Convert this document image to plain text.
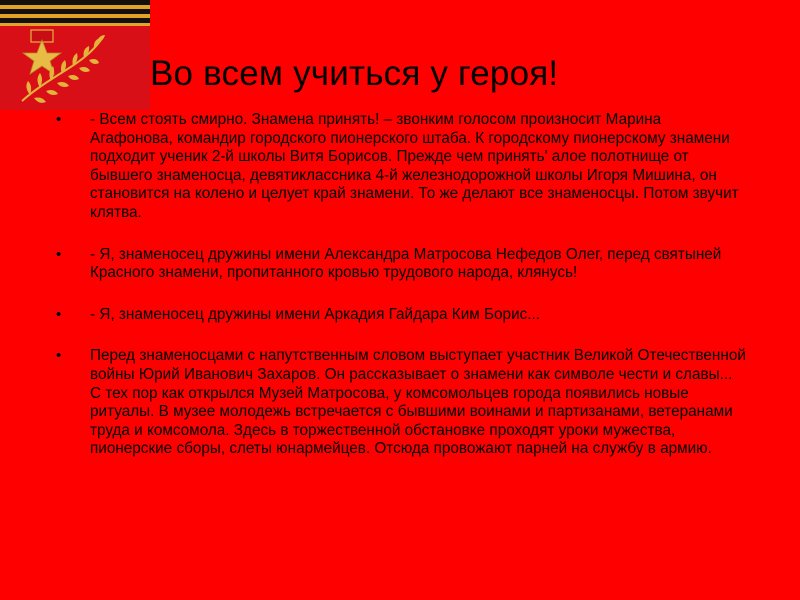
Во всем учиться у героя!
• - Всем стоять смирно. Знамена принять! – звонким голосом произносит Марина Агафонова, командир городского пионерского штаба. К городскому пионерскому знамени подходит ученик 2-й школы Витя Борисов. Прежде чем принять' алое полотнище от бывшего знаменосца, девятиклассника 4-й железнодорожной школы Игоря Мишина, он становится на колено и целует край знамени. То же делают все знаменосцы. Потом звучит клятва.
• - Я, знаменосец дружины имени Александра Матросова Нефедов Олег, перед святыней Красного знамени, пропитанного кровью трудового народа, клянусь!
• - Я, знаменосец дружины имени Аркадия Гайдара Ким Борис...
• Перед знаменосцами с напутственным словом выступает участник Великой Отечественной войны Юрий Иванович Захаров. Он рассказывает о знамени как символе чести и славы... С тех пор как открылся Музей Матросова, у комсомольцев города появились новые ритуалы. В музее молодежь встречается с бывшими воинами и партизанами, ветеранами труда и комсомола. Здесь в торжественной обстановке проходят уроки мужества, пионерские сборы, слеты юнармейцев. Отсюда провожают парней на службу в армию.
